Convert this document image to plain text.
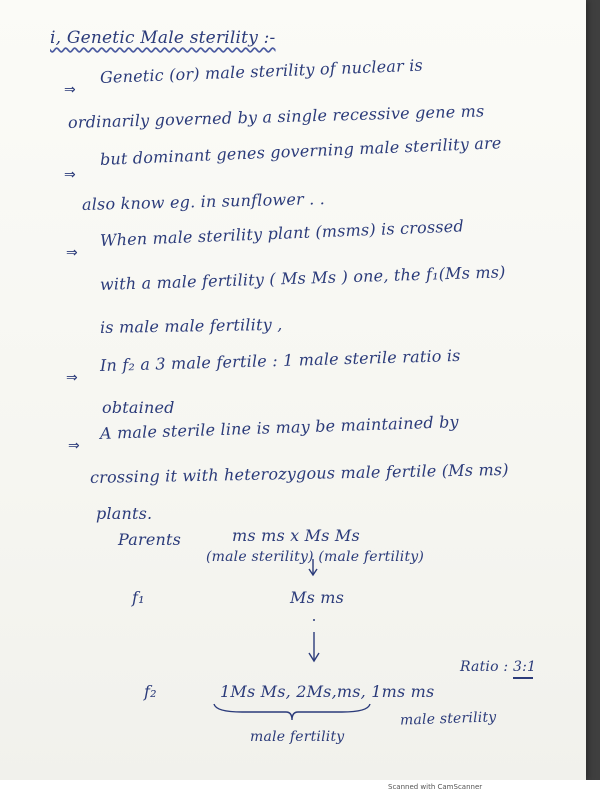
i, Genetic Male sterility :-
⇒
Genetic (or) male sterility of nuclear is
ordinarily governed by a single recessive gene ms
⇒
but dominant genes governing male sterility are
also know eg. in sunflower . .
⇒
When male sterility plant (msms) is crossed
with a male fertility ( Ms Ms ) one, the f₁(Ms ms)
is male male fertility ,
⇒
In f₂ a 3 male fertile : 1 male sterile ratio is
obtained
⇒
A male sterile line is may be maintained by
crossing it with heterozygous male fertile (Ms ms)
plants.
Parents	ms ms x Ms Ms
(male sterility) (male fertility)
f₁	Ms ms
Ratio : 3:1
f₂	1Ms Ms, 2Ms,ms, 1ms ms
male fertility
male sterility
Scanned with CamScanner
